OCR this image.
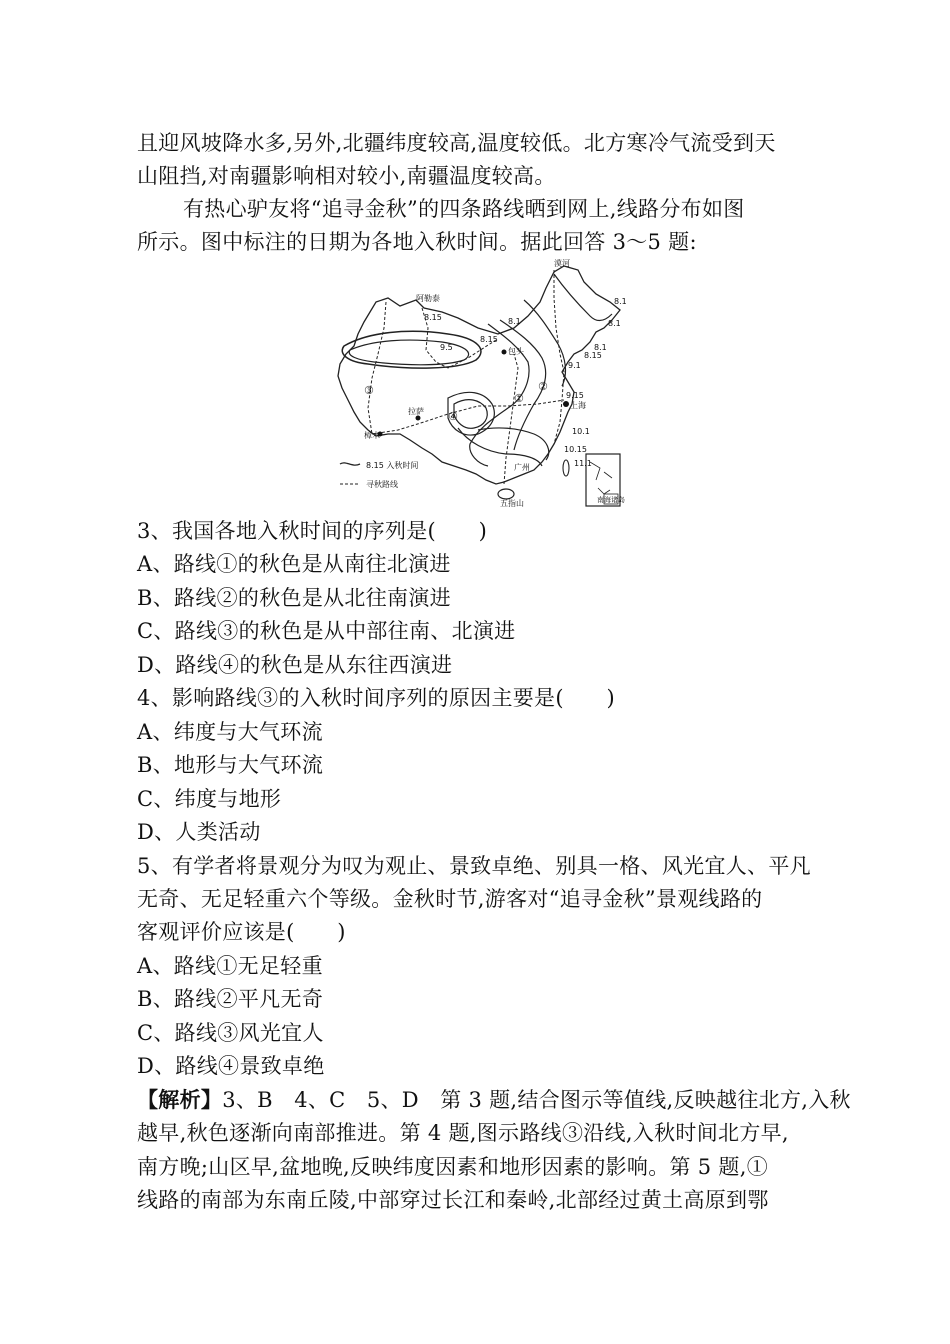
且迎风坡降水多,另外,北疆纬度较高,温度较低。北方寒冷气流受到天
山阻挡,对南疆影响相对较小,南疆温度较高。
有热心驴友将“追寻金秋”的四条路线晒到网上,线路分布如图
所示。图中标注的日期为各地入秋时间。据此回答 3～5 题:
南海诸岛
漠河
阿勒泰
包头
拉萨
上海
樟木
广州
五指山
8.1
8.1
8.15
9.5
8.15
8.1
8.1
8.15
9.1
9.15
10.1
10.15
11.1
①
②
③
④
8.15 入秋时间
寻秋路线
3、我国各地入秋时间的序列是(　　)
A、路线①的秋色是从南往北演进
B、路线②的秋色是从北往南演进
C、路线③的秋色是从中部往南、北演进
D、路线④的秋色是从东往西演进
4、影响路线③的入秋时间序列的原因主要是(　　)
A、纬度与大气环流
B、地形与大气环流
C、纬度与地形
D、人类活动
5、有学者将景观分为叹为观止、景致卓绝、别具一格、风光宜人、平凡
无奇、无足轻重六个等级。金秋时节,游客对“追寻金秋”景观线路的
客观评价应该是(　　)
A、路线①无足轻重
B、路线②平凡无奇
C、路线③风光宜人
D、路线④景致卓绝
【解析】3、B　4、C　5、D　第 3 题,结合图示等值线,反映越往北方,入秋
越早,秋色逐渐向南部推进。第 4 题,图示路线③沿线,入秋时间北方早,
南方晚;山区早,盆地晚,反映纬度因素和地形因素的影响。第 5 题,①
线路的南部为东南丘陵,中部穿过长江和秦岭,北部经过黄土高原到鄂
